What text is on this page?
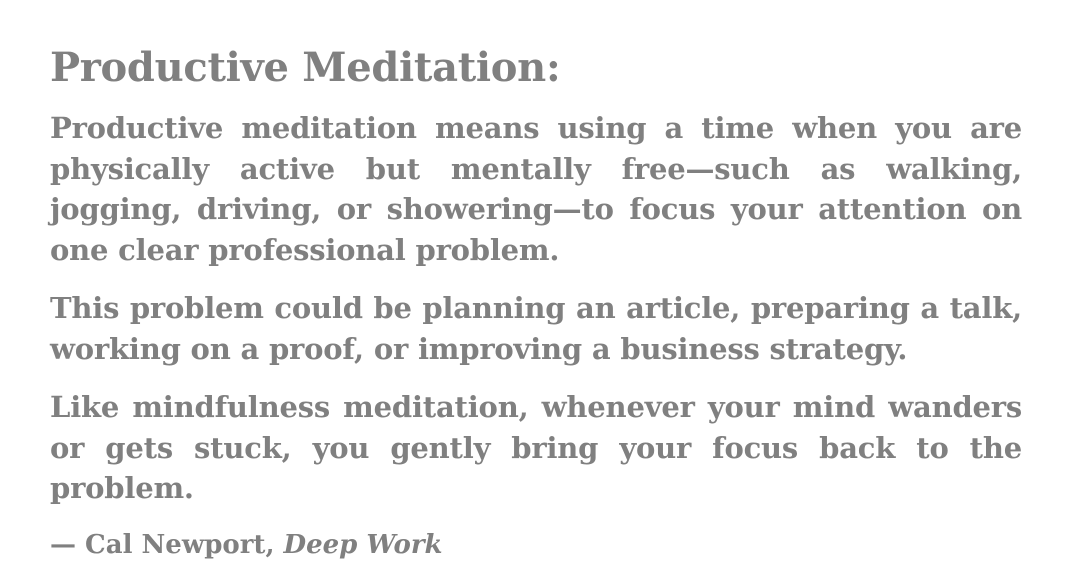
Productive Meditation:

Productive meditation means using a time when you are physically active but mentally free—such as walking, jogging, driving, or showering—to focus your attention on one clear professional problem.

This problem could be planning an article, preparing a talk, working on a proof, or improving a business strategy.

Like mindfulness meditation, whenever your mind wanders or gets stuck, you gently bring your focus back to the problem.

— Cal Newport, Deep Work
